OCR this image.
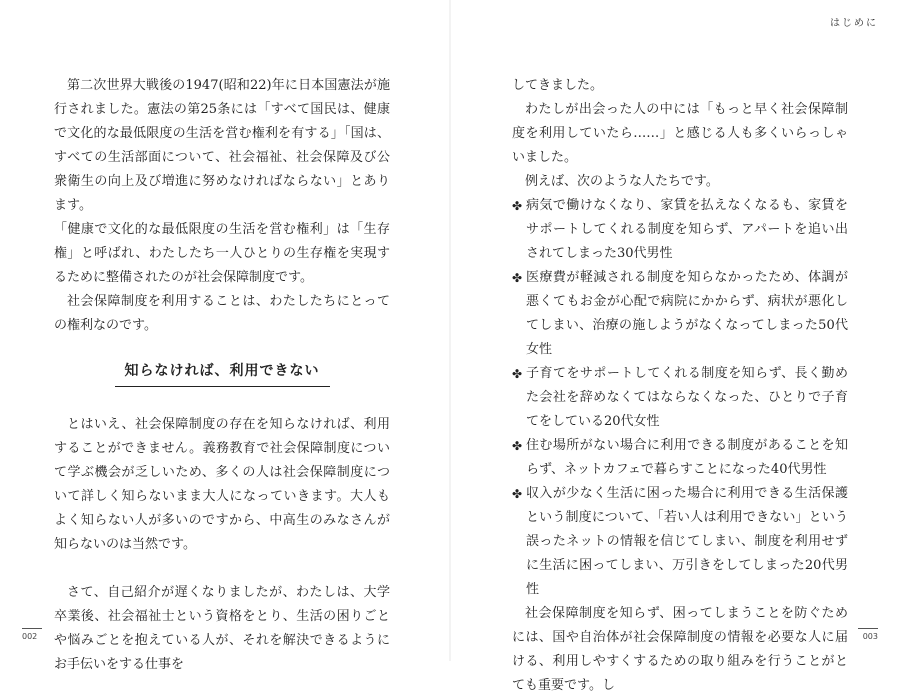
はじめに

第二次世界大戦後の1947(昭和22)年に日本国憲法が施行されました。憲法の第25条には「すべて国民は、健康で文化的な最低限度の生活を営む権利を有する」「国は、すべての生活部面について、社会福祉、社会保障及び公衆衛生の向上及び増進に努めなければならない」とあります。

「健康で文化的な最低限度の生活を営む権利」は「生存権」と呼ばれ、わたしたち一人ひとりの生存権を実現するために整備されたのが社会保障制度です。

社会保障制度を利用することは、わたしたちにとっての権利なのです。

知らなければ、利用できない

とはいえ、社会保障制度の存在を知らなければ、利用することができません。義務教育で社会保障制度について学ぶ機会が乏しいため、多くの人は社会保障制度について詳しく知らないまま大人になっていきます。大人もよく知らない人が多いのですから、中高生のみなさんが知らないのは当然です。

さて、自己紹介が遅くなりましたが、わたしは、大学卒業後、社会福祉士という資格をとり、生活の困りごとや悩みごとを抱えている人が、それを解決できるようにお手伝いをする仕事を

してきました。

わたしが出会った人の中には「もっと早く社会保障制度を利用していたら……」と感じる人も多くいらっしゃいました。

例えば、次のような人たちです。

✤ 病気で働けなくなり、家賃を払えなくなるも、家賃をサポートしてくれる制度を知らず、アパートを追い出されてしまった30代男性
✤ 医療費が軽減される制度を知らなかったため、体調が悪くてもお金が心配で病院にかからず、病状が悪化してしまい、治療の施しようがなくなってしまった50代女性
✤ 子育てをサポートしてくれる制度を知らず、長く勤めた会社を辞めなくてはならなくなった、ひとりで子育てをしている20代女性
✤ 住む場所がない場合に利用できる制度があることを知らず、ネットカフェで暮らすことになった40代男性
✤ 収入が少なく生活に困った場合に利用できる生活保護という制度について、「若い人は利用できない」という誤ったネットの情報を信じてしまい、制度を利用せずに生活に困ってしまい、万引きをしてしまった20代男性

社会保障制度を知らず、困ってしまうことを防ぐためには、国や自治体が社会保障制度の情報を必要な人に届ける、利用しやすくするための取り組みを行うことがとても重要です。し

002	003
